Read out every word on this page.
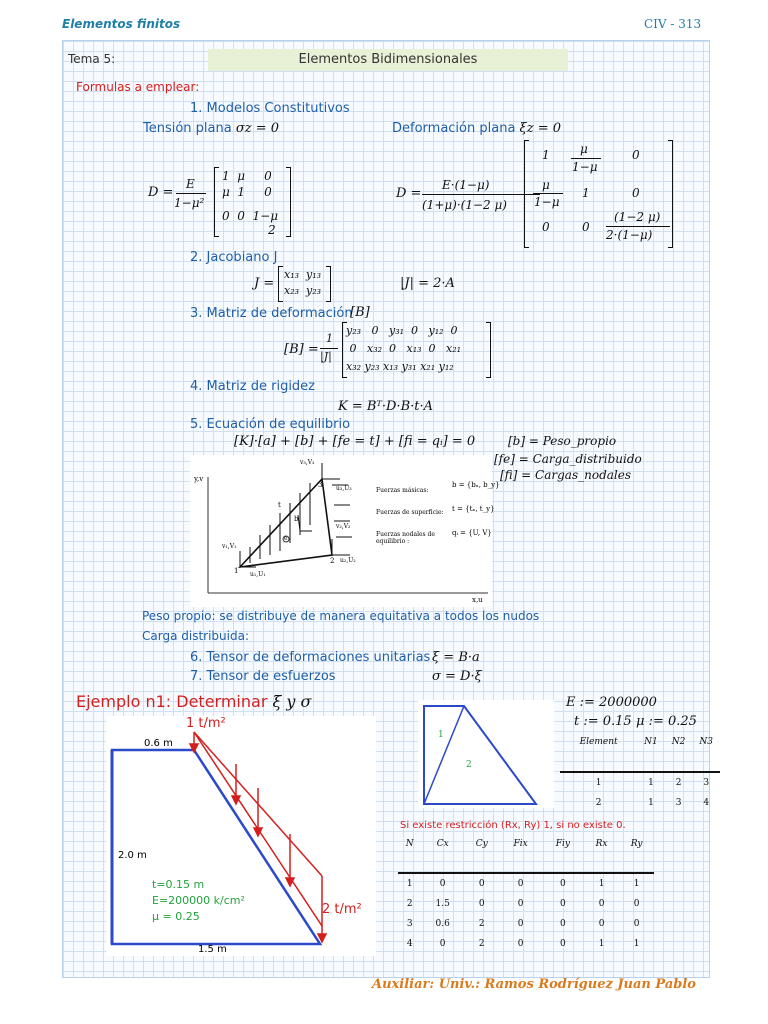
Elementos finitos	CIV - 313
Tema 5:	Elementos Bidimensionales
Formulas a emplear:
1. Modelos Constitutivos
Tensión plana σz = 0	Deformación plana ξz = 0
D =
E
1−μ²
1  μ     0
μ  1     0
0  0  1−μ
2
D =
E·(1−μ)
(1+μ)·(1−2 μ)
1	μ
1−μ
0
μ
1−μ
1	0
0	0
(1−2 μ)
2·(1−μ)
2. Jacobiano J
J =
x₁₃  y₁₃
x₂₃  y₂₃	|J| = 2·A
3. Matriz de deformación
[B]
[B] =
1
|J|
y₂₃   0   y₃₁  0   y₁₂  0
0   x₃₂  0   x₁₃  0   x₂₁
x₃₂ y₂₃ x₁₃ y₃₁ x₂₁ y₁₂
4. Matriz de rigidez
K = Bᵀ·D·B·t·A
5. Ecuación de equilibrio
[K]·[a] + [b] + [fe = t] + [fi = qᵢ] = 0	[b] = Peso_propio
[fe] = Carga_distribuido
[fi] = Cargas_nodales
y,v
x,u
1
2
3
u₁,U₁
u₂,U₂
u₃,U₃
v₁,V₁
v₂,V₂
v₃,V₃
b
t
e
Fuerzas másicas:
Fuerzas de superficie:
Fuerzas nodales de equilibrio :
b = {bₓ, b_y}
t = {tₓ, t_y}
qᵢ = {U, V}
Peso propio: se distribuye de manera equitativa a todos los nudos
Carga distribuida:
6. Tensor de deformaciones unitarias ξ = B·a
7. Tensor de esfuerzos	σ = D·ξ
Ejemplo n1: Determinar ξ y σ
1 t/m²
2 t/m²
0.6 m
2.0 m
1.5 m
t=0.15 m
E=200000 k/cm²
μ = 0.25
1
2
E := 2000000
t := 0.15 μ := 0.25
Element	N1	N2	N3

1	1	2	3
2	1	3	4
Si existe restricción (Rx, Ry) 1, si no existe 0.
N	Cx	Cy	Fix	Fiy	Rx	Ry

1	0	0	0	0	1	1
2	1.5	0	0	0	0	0
3	0.6	2	0	0	0	0
4	0	2	0	0	1	1
Auxiliar: Univ.: Ramos Rodríguez Juan Pablo
